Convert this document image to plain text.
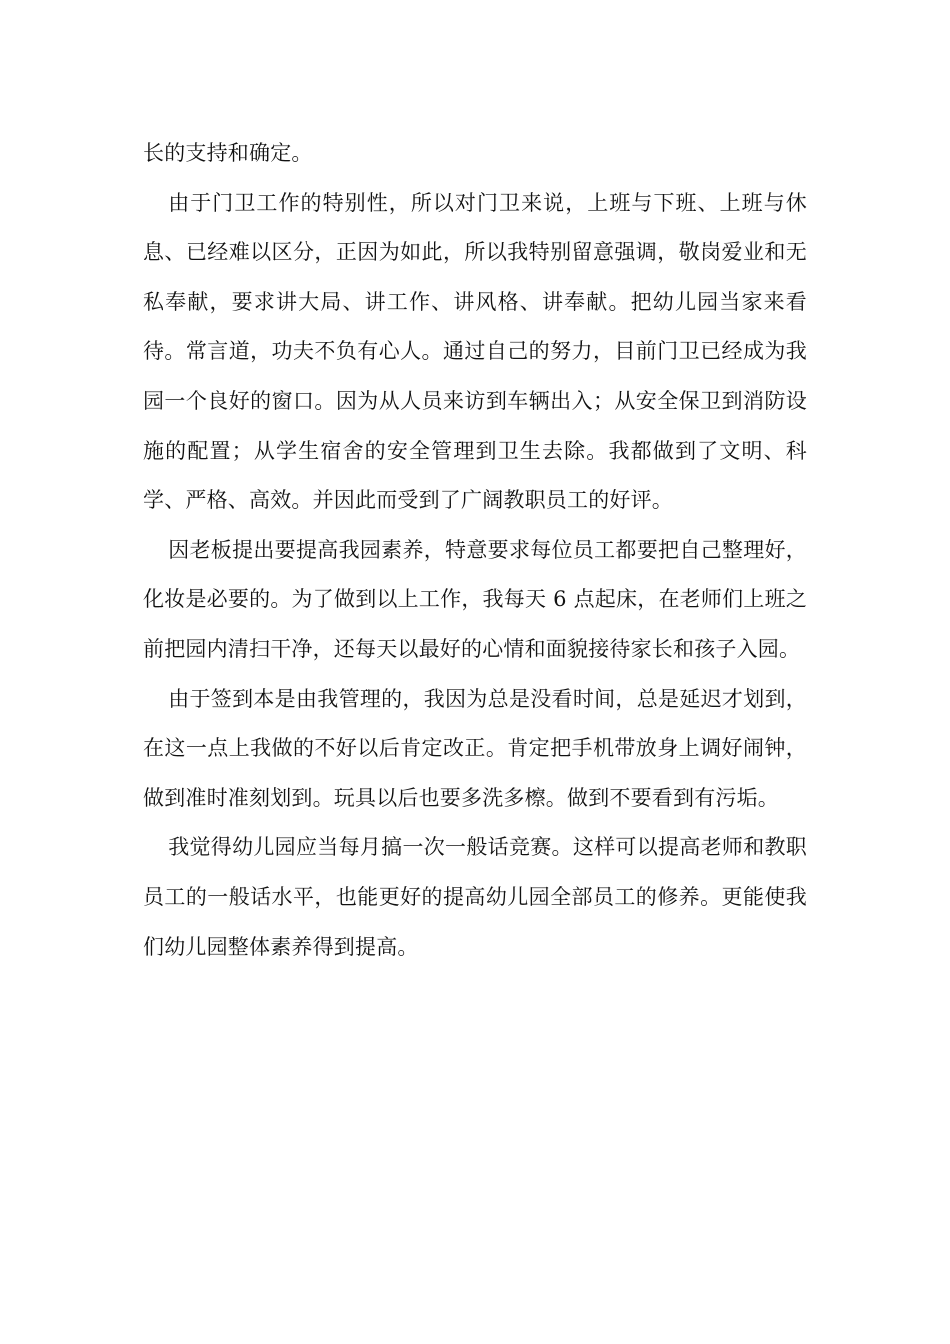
长的支持和确定。

由于门卫工作的特别性，所以对门卫来说，上班与下班、上班与休息、已经难以区分，正因为如此，所以我特别留意强调，敬岗爱业和无私奉献，要求讲大局、讲工作、讲风格、讲奉献。把幼儿园当家来看待。常言道，功夫不负有心人。通过自己的努力，目前门卫已经成为我园一个良好的窗口。因为从人员来访到车辆出入；从安全保卫到消防设施的配置；从学生宿舍的安全管理到卫生去除。我都做到了文明、科学、严格、高效。并因此而受到了广阔教职员工的好评。

因老板提出要提高我园素养，特意要求每位员工都要把自己整理好，化妆是必要的。为了做到以上工作，我每天 6 点起床，在老师们上班之前把园内清扫干净，还每天以最好的心情和面貌接待家长和孩子入园。

由于签到本是由我管理的，我因为总是没看时间，总是延迟才划到，在这一点上我做的不好以后肯定改正。肯定把手机带放身上调好闹钟，做到准时准刻划到。玩具以后也要多洗多檫。做到不要看到有污垢。

我觉得幼儿园应当每月搞一次一般话竞赛。这样可以提高老师和教职员工的一般话水平，也能更好的提高幼儿园全部员工的修养。更能使我们幼儿园整体素养得到提高。
